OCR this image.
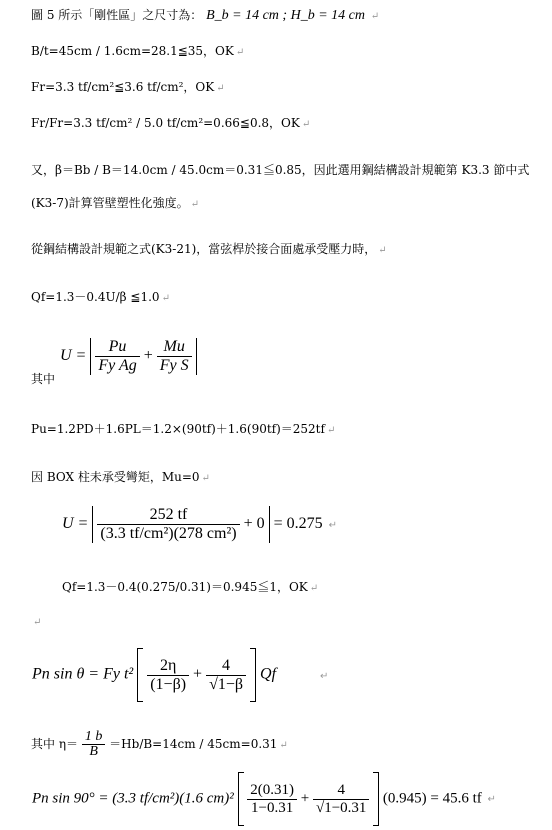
圖 5 所示「剛性區」之尺寸為： B_b = 14 cm ; H_b = 14 cm ↵
B/t=45cm / 1.6cm=28.1≦35，OK ↵
Fr=3.3 tf/cm²≦3.6 tf/cm²，OK ↵
Fr/Fr=3.3 tf/cm² / 5.0 tf/cm²=0.66≦0.8，OK ↵
又，β＝Bb / B＝14.0cm / 45.0cm＝0.31≦0.85，因此選用鋼結構設計規範第 K3.3 節中式
(K3-7)計算管壁塑性化強度。 ↵
從鋼結構設計規範之式(K3-21)，當弦桿於接合面處承受壓力時， ↵
Qf=1.3－0.4U/β ≦1.0 ↵
$U = \frac{Pu}{\text{Fy Ag}} + \frac{Mu}{\text{Fy S}}$
其中
Pu=1.2PD＋1.6PL＝1.2×(90tf)＋1.6(90tf)＝252tf ↵
因 BOX 柱未承受彎矩，Mu=0 ↵
$U = \frac{252 tf}{\text{(3.3 tf/cm²)(278 cm²)}} + 0 = 0.275$ ↵
Qf=1.3－0.4(0.275/0.31)＝0.945≦1，OK ↵
↵
Pn sin θ = Fy $t^2 \frac{2\eta}{(1-\beta)} + \frac{4}{√1-\beta}$ Qf	↵
其中 $\eta= \frac{1 b}{B} =Hb/B=14cm / 45cm=0.31$ ↵
Pn sin 90° = (3.3 tf/cm²)(1.6 $cm)^2 \frac{2(0.31)}{1-0.31} + \frac{4}{√1-0.31} (0.945) = 45.6$ tf ↵
